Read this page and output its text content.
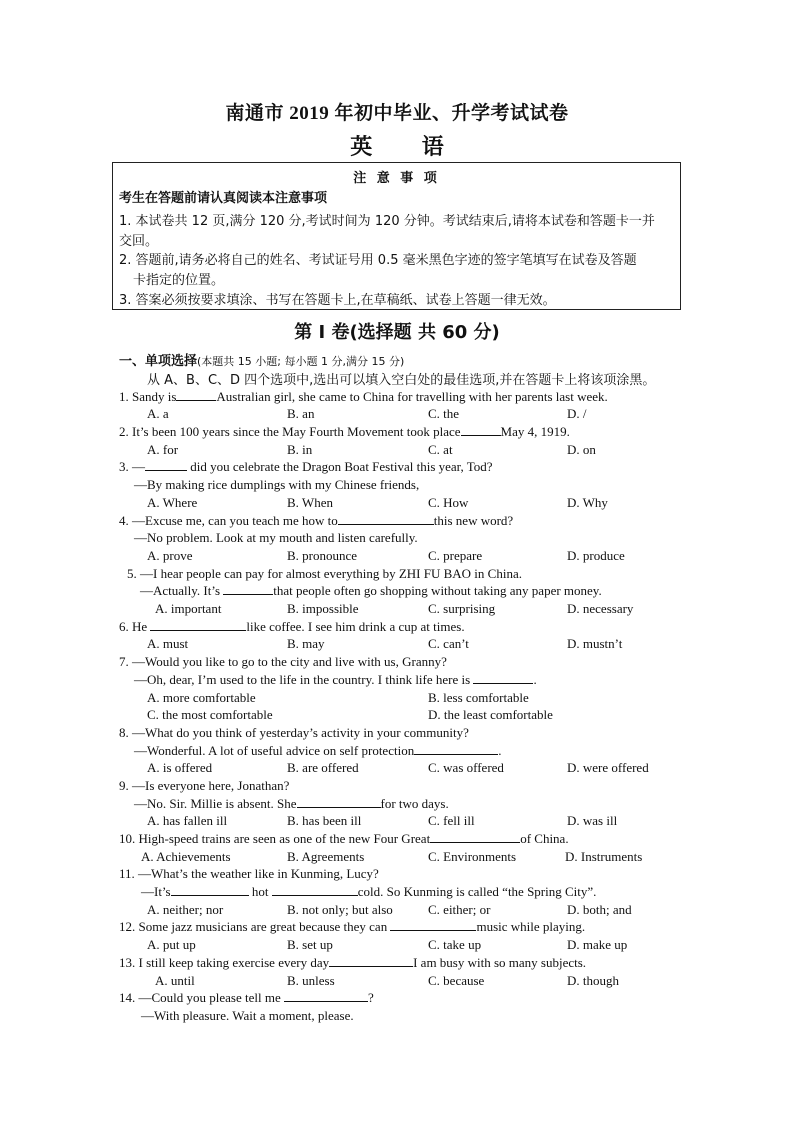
南通市 2019 年初中毕业、升学考试试卷
英 语
注 意 事 项
考生在答题前请认真阅读本注意事项
1. 本试卷共 12 页,满分 120 分,考试时间为 120 分钟。考试结束后,请将本试卷和答题卡一并
交回。
2. 答题前,请务必将自己的姓名、考试证号用 0.5 毫米黑色字迹的签字笔填写在试卷及答题
卡指定的位置。
3. 答案必须按要求填涂、书写在答题卡上,在草稿纸、试卷上答题一律无效。
第 I 卷(选择题 共 60 分)
一、单项选择(本题共 15 小题; 每小题 1 分,满分 15 分)
从 A、B、C、D 四个选项中,选出可以填入空白处的最佳选项,并在答题卡上将该项涂黑。
1. Sandy is	Australian girl, she came to China for travelling with her parents last week.
A. a	B. an	C. the	D. /
2. It’s been 100 years since the May Fourth Movement took place	May 4, 1919.
A. for	B. in	C. at	D. on
3. —	did you celebrate the Dragon Boat Festival this year, Tod?
—By making rice dumplings with my Chinese friends,
A. Where	B. When	C. How	D. Why
4. —Excuse me, can you teach me how to	this new word?
—No problem. Look at my mouth and listen carefully.
A. prove	B. pronounce	C. prepare	D. produce
5. —I hear people can pay for almost everything by ZHI FU BAO in China.
—Actually. It’s	that people often go shopping without taking any paper money.
A. important	B. impossible	C. surprising	D. necessary
6. He	like coffee. I see him drink a cup at times.
A. must	B. may	C. can’t	D. mustn’t
7. —Would you like to go to the city and live with us, Granny?
—Oh, dear, I’m used to the life in the country. I think life here is	.
A. more comfortable	B. less comfortable
C. the most comfortable	D. the least comfortable
8. —What do you think of yesterday’s activity in your community?
—Wonderful. A lot of useful advice on self protection	.
A. is offered	B. are offered	C. was offered	D. were offered
9. —Is everyone here, Jonathan?
—No. Sir. Millie is absent. She	for two days.
A. has fallen ill	B. has been ill	C. fell ill	D. was ill
10. High-speed trains are seen as one of the new Four Great	of China.
A. Achievements	B. Agreements	C. Environments	D. Instruments
11. —What’s the weather like in Kunming, Lucy?
—It’s	hot	cold. So Kunming is called “the Spring City”.
A. neither; nor	B. not only; but also	C. either; or	D. both; and
12. Some jazz musicians are great because they can	music while playing.
A. put up	B. set up	C. take up	D. make up
13. I still keep taking exercise every day	I am busy with so many subjects.
A. until	B. unless	C. because	D. though
14. —Could you please tell me	?
—With pleasure. Wait a moment, please.
